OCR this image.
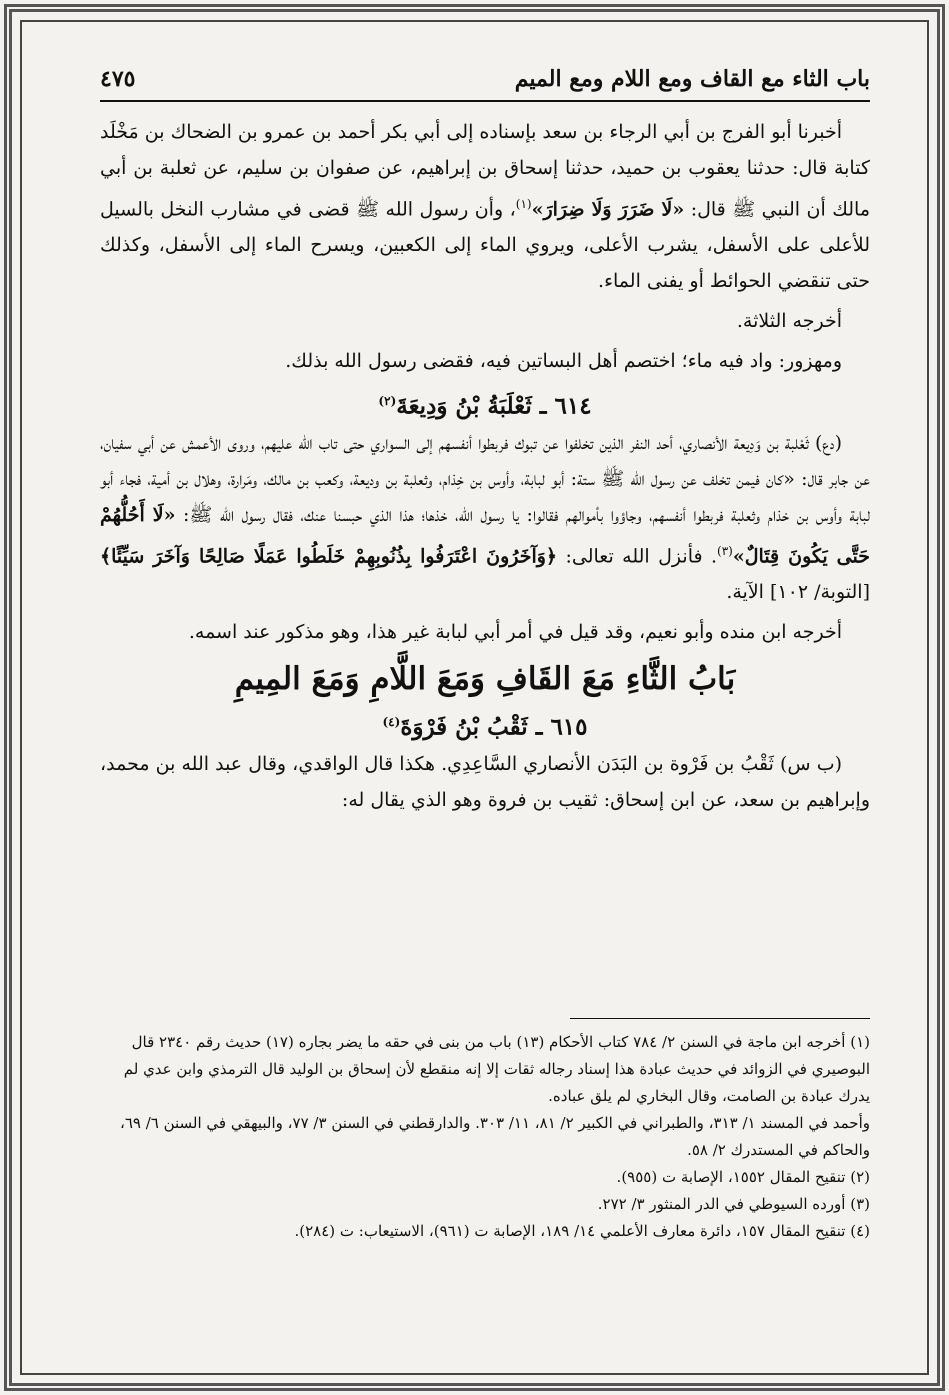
باب الثاء مع القاف ومع اللام ومع الميم
٤٧٥

أخبرنا أبو الفرج بن أبي الرجاء بن سعد بإسناده إلى أبي بكر أحمد بن عمرو بن الضحاك بن مَخْلَد كتابة قال: حدثنا يعقوب بن حميد، حدثنا إسحاق بن إبراهيم، عن صفوان بن سليم، عن ثعلبة بن أبي مالك أن النبي ﷺ قال: «لَا ضَرَرَ وَلَا ضِرَارَ»$^{(١)}$، وأن رسول الله ﷺ قضى في مشارب النخل بالسيل للأعلى على الأسفل، يشرب الأعلى، ويروي الماء إلى الكعبين، ويسرح الماء إلى الأسفل، وكذلك حتى تنقضي الحوائط أو يفنى الماء.

أخرجه الثلاثة.

ومهزور: واد فيه ماء؛ اختصم أهل البساتين فيه، فقضى رسول الله بذلك.

٦١٤ ـ ثَعْلَبَةُ بْنُ وَدِيعَةَ$^{(٢)}$

(دع) ثَعْلبة بن وَدِيعة الأنصاري، أحد النفر الذين تخلفوا عن تبوك فربطوا أنفسهم إلى السواري حتى تاب الله عليهم، وروى الأعمش عن أبي سفيان، عن جابر قال: «كان فيمن تخلف عن رسول الله ﷺ ستة: أبو لبابة، وأوس بن خِذام، وثعلبة بن وديعة، وكعب بن مالك، ومَرارة، وهلال بن أمية، فجاء أبو لبابة وأوس بن خذام وثعلبة فربطوا أنفسهم، وجاؤوا بأموالهم فقالوا: يا رسول الله، خذها؛ هذا الذي حبسنا عنك، فقال رسول الله ﷺ: «لَا أَحُلُّهُمْ حَتَّى يَكُونَ قِتَالٌ»$^{(٣)}$. فأنزل الله تعالى: ﴿وَآخَرُونَ اعْتَرَفُوا بِذُنُوبِهِمْ خَلَطُوا عَمَلًا صَالِحًا وَآخَرَ سَيِّئًا﴾ [التوبة/ ١٠٢] الآية.

أخرجه ابن منده وأبو نعيم، وقد قيل في أمر أبي لبابة غير هذا، وهو مذكور عند اسمه.

بَابُ الثَّاءِ مَعَ القَافِ وَمَعَ اللَّامِ وَمَعَ المِيمِ

٦١٥ ـ ثَقْبُ بْنُ فَرْوَةَ$^{(٤)}$

(ب س) ثَقْبُ بن فَرْوة بن البَدَن الأنصاري السَّاعِدِي. هكذا قال الواقدي، وقال عبد الله بن محمد، وإبراهيم بن سعد، عن ابن إسحاق: ثقيب بن فروة وهو الذي يقال له:

(١) أخرجه ابن ماجة في السنن ٢/ ٧٨٤ كتاب الأحكام (١٣) باب من بنى في حقه ما يضر بجاره (١٧) حديث رقم ٢٣٤٠ قال البوصيري في الزوائد في حديث عبادة هذا إسناد رجاله ثقات إلا إنه منقطع لأن إسحاق بن الوليد قال الترمذي وابن عدي لم يدرك عبادة بن الصامت، وقال البخاري لم يلق عباده.

وأحمد في المسند ١/ ٣١٣، والطبراني في الكبير ٢/ ٨١، ١١/ ٣٠٣. والدارقطني في السنن ٣/ ٧٧، والبيهقي في السنن ٦/ ٦٩، والحاكم في المستدرك ٢/ ٥٨.

(٢) تنقيح المقال ١٥٥٢، الإصابة ت (٩٥٥).

(٣) أورده السيوطي في الدر المنثور ٣/ ٢٧٢.

(٤) تنقيح المقال ١٥٧، دائرة معارف الأعلمي ١٤/ ١٨٩، الإصابة ت (٩٦١)، الاستيعاب: ت (٢٨٤).
